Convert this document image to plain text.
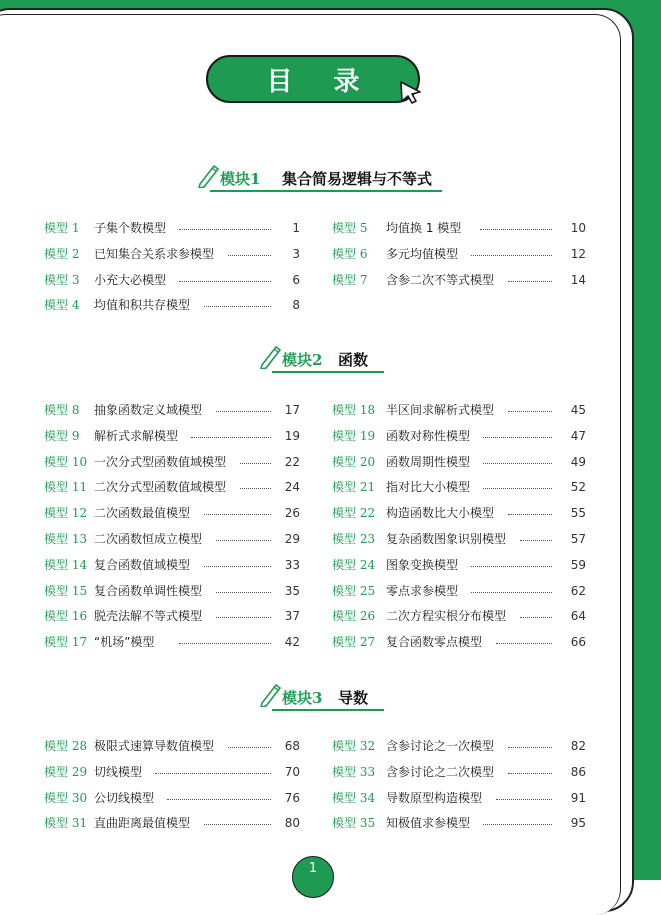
目 录
模块1 集合简易逻辑与不等式
模型 1 子集个数模型	1
模型 2 已知集合关系求参模型	3
模型 3 小充大必模型	6
模型 4 均值和积共存模型	8
模型 5 均值换 1 模型	10
模型 6 多元均值模型	12
模型 7 含参二次不等式模型	14
模块2 函数
模型 8 抽象函数定义域模型	17
模型 9 解析式求解模型	19
模型 10 一次分式型函数值域模型	22
模型 11 二次分式型函数值域模型	24
模型 12 二次函数最值模型	26
模型 13 二次函数恒成立模型	29
模型 14 复合函数值域模型	33
模型 15 复合函数单调性模型	35
模型 16 脱壳法解不等式模型	37
模型 17 “机场”模型	42
模型 18 半区间求解析式模型	45
模型 19 函数对称性模型	47
模型 20 函数周期性模型	49
模型 21 指对比大小模型	52
模型 22 构造函数比大小模型	55
模型 23 复杂函数图象识别模型	57
模型 24 图象变换模型	59
模型 25 零点求参模型	62
模型 26 二次方程实根分布模型	64
模型 27 复合函数零点模型	66
模块3 导数
模型 28 极限式速算导数值模型	68
模型 29 切线模型	70
模型 30 公切线模型	76
模型 31 直曲距离最值模型	80
模型 32 含参讨论之一次模型	82
模型 33 含参讨论之二次模型	86
模型 34 导数原型构造模型	91
模型 35 知极值求参模型	95
1
